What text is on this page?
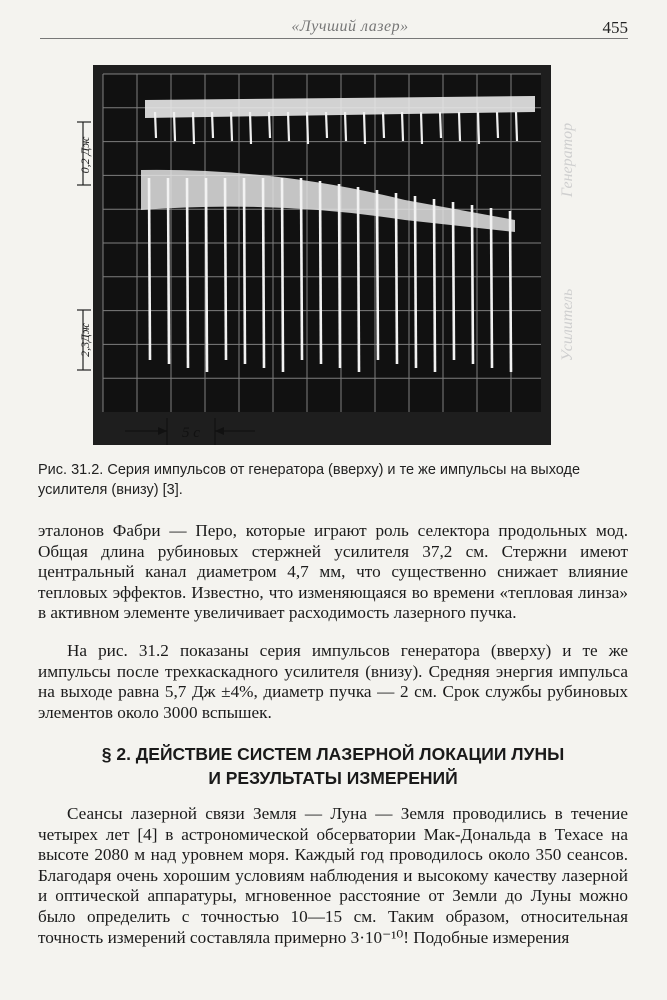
«Лучший лазер»	455
Генератор
Усилитель
0,2 Дж
2,3Дж
5 с

Рис. 31.2. Серия импульсов от генератора (вверху) и те же импульсы на выходе усилителя (внизу) [3].

эталонов Фабри — Перо, которые играют роль селектора продольных мод. Общая длина рубиновых стержней усилителя 37,2 см. Стержни имеют центральный канал диаметром 4,7 мм, что существенно снижает влияние тепловых эффектов. Известно, что изменяющаяся во времени «тепловая линза» в активном элементе увеличивает расходимость лазерного пучка.

На рис. 31.2 показаны серия импульсов генератора (вверху) и те же импульсы после трехкаскадного усилителя (внизу). Средняя энергия импульса на выходе равна 5,7 Дж ±4%, диаметр пучка — 2 см. Срок службы рубиновых элементов около 3000 вспышек.

§ 2. ДЕЙСТВИЕ СИСТЕМ ЛАЗЕРНОЙ ЛОКАЦИИ ЛУНЫ
И РЕЗУЛЬТАТЫ ИЗМЕРЕНИЙ

Сеансы лазерной связи Земля — Луна — Земля проводились в течение четырех лет [4] в астрономической обсерватории Мак-Дональда в Техасе на высоте 2080 м над уровнем моря. Каждый год проводилось около 350 сеансов. Благодаря очень хорошим условиям наблюдения и высокому качеству лазерной и оптической аппаратуры, мгновенное расстояние от Земли до Луны можно было определить с точностью 10—15 см. Таким образом, относительная точность измерений составляла примерно 3·10⁻¹⁰! Подобные измерения
